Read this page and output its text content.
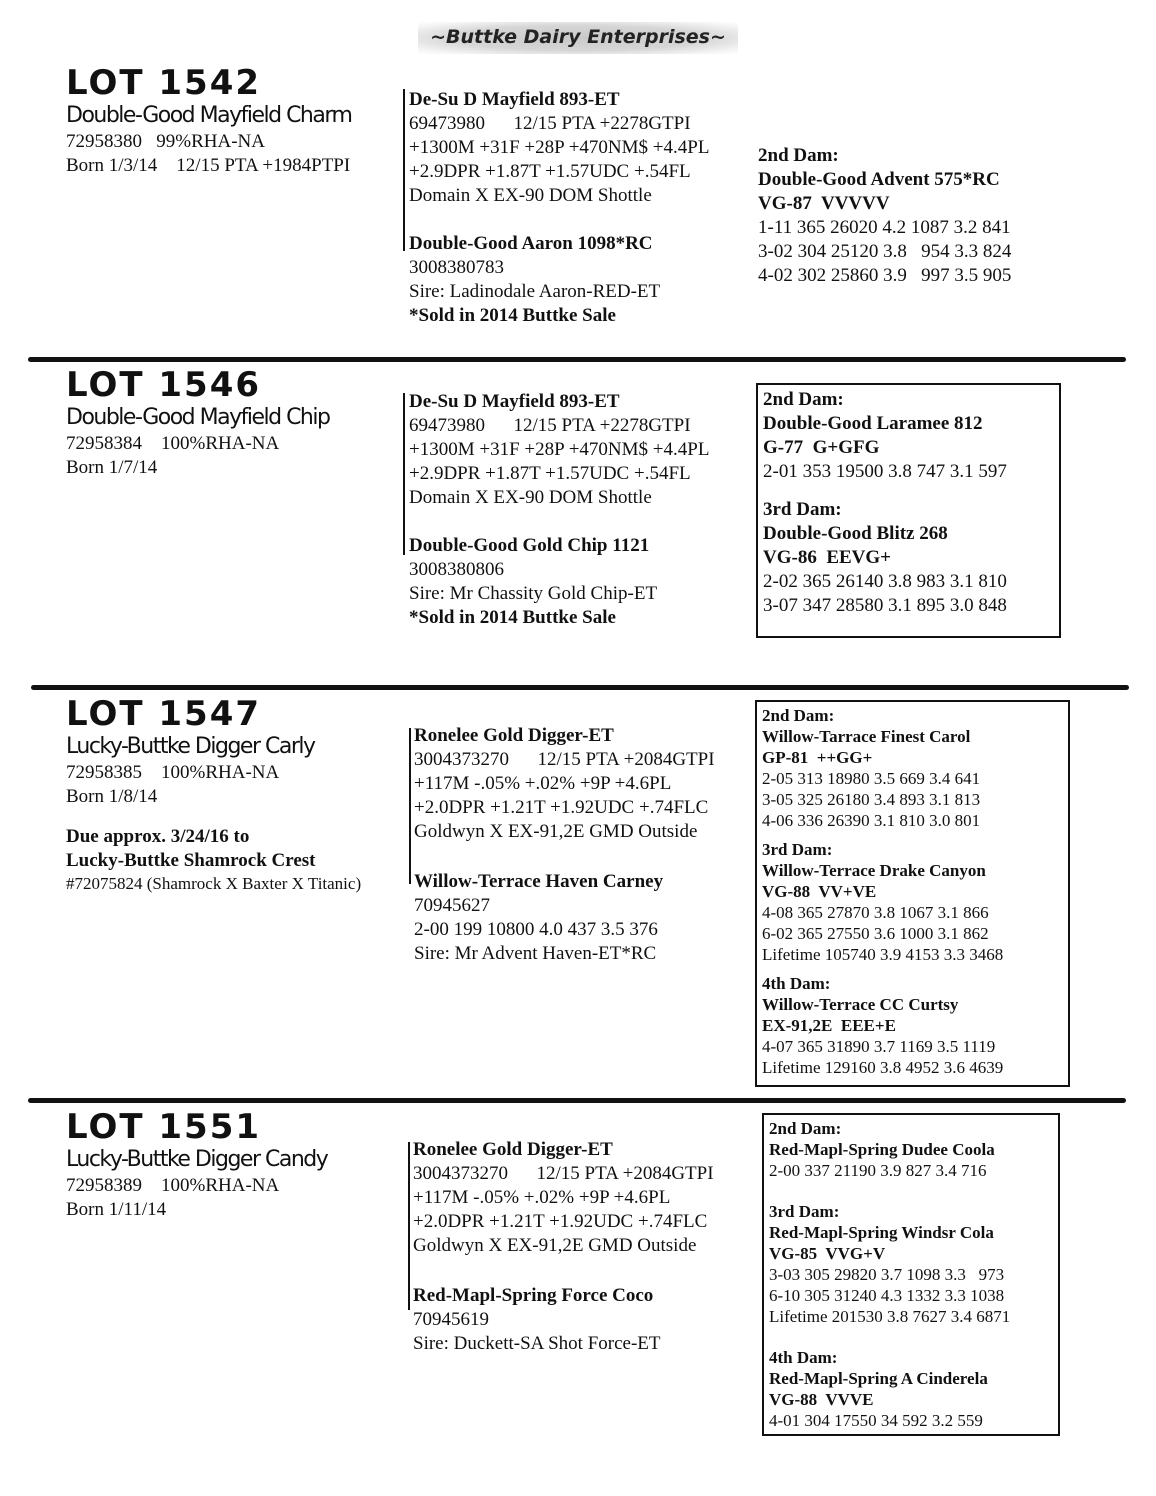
~Buttke Dairy Enterprises~
LOT 1542
Double-Good Mayfield Charm
72958380   99%RHA-NA
Born 1/3/14    12/15 PTA +1984PTPI
De-Su D Mayfield 893-ET
69473980      12/15 PTA +2278GTPI
+1300M +31F +28P +470NM$ +4.4PL
+2.9DPR +1.87T +1.57UDC +.54FL
Domain X EX-90 DOM Shottle
Double-Good Aaron 1098*RC
3008380783
Sire: Ladinodale Aaron-RED-ET
*Sold in 2014 Buttke Sale
2nd Dam:
Double-Good Advent 575*RC
VG-87  VVVVV
1-11 365 26020 4.2 1087 3.2 841
3-02 304 25120 3.8   954 3.3 824
4-02 302 25860 3.9   997 3.5 905
LOT 1546
Double-Good Mayfield Chip
72958384    100%RHA-NA
Born 1/7/14
De-Su D Mayfield 893-ET
69473980      12/15 PTA +2278GTPI
+1300M +31F +28P +470NM$ +4.4PL
+2.9DPR +1.87T +1.57UDC +.54FL
Domain X EX-90 DOM Shottle
Double-Good Gold Chip 1121
3008380806
Sire: Mr Chassity Gold Chip-ET
*Sold in 2014 Buttke Sale
2nd Dam:
Double-Good Laramee 812
G-77  G+GFG
2-01 353 19500 3.8 747 3.1 597
3rd Dam:
Double-Good Blitz 268
VG-86  EEVG+
2-02 365 26140 3.8 983 3.1 810
3-07 347 28580 3.1 895 3.0 848
LOT 1547
Lucky-Buttke Digger Carly
72958385    100%RHA-NA
Born 1/8/14
Due approx. 3/24/16 to
Lucky-Buttke Shamrock Crest
#72075824 (Shamrock X Baxter X Titanic)
Ronelee Gold Digger-ET
3004373270      12/15 PTA +2084GTPI
+117M -.05% +.02% +9P +4.6PL
+2.0DPR +1.21T +1.92UDC +.74FLC
Goldwyn X EX-91,2E GMD Outside
Willow-Terrace Haven Carney
70945627
2-00 199 10800 4.0 437 3.5 376
Sire: Mr Advent Haven-ET*RC
2nd Dam:
Willow-Tarrace Finest Carol
GP-81  ++GG+
2-05 313 18980 3.5 669 3.4 641
3-05 325 26180 3.4 893 3.1 813
4-06 336 26390 3.1 810 3.0 801
3rd Dam:
Willow-Terrace Drake Canyon
VG-88  VV+VE
4-08 365 27870 3.8 1067 3.1 866
6-02 365 27550 3.6 1000 3.1 862
Lifetime 105740 3.9 4153 3.3 3468
4th Dam:
Willow-Terrace CC Curtsy
EX-91,2E  EEE+E
4-07 365 31890 3.7 1169 3.5 1119
Lifetime 129160 3.8 4952 3.6 4639
LOT 1551
Lucky-Buttke Digger Candy
72958389    100%RHA-NA
Born 1/11/14
Ronelee Gold Digger-ET
3004373270      12/15 PTA +2084GTPI
+117M -.05% +.02% +9P +4.6PL
+2.0DPR +1.21T +1.92UDC +.74FLC
Goldwyn X EX-91,2E GMD Outside
Red-Mapl-Spring Force Coco
70945619
Sire: Duckett-SA Shot Force-ET
2nd Dam:
Red-Mapl-Spring Dudee Coola
2-00 337 21190 3.9 827 3.4 716
3rd Dam:
Red-Mapl-Spring Windsr Cola
VG-85  VVG+V
3-03 305 29820 3.7 1098 3.3   973
6-10 305 31240 4.3 1332 3.3 1038
Lifetime 201530 3.8 7627 3.4 6871
4th Dam:
Red-Mapl-Spring A Cinderela
VG-88  VVVE
4-01 304 17550 34 592 3.2 559
